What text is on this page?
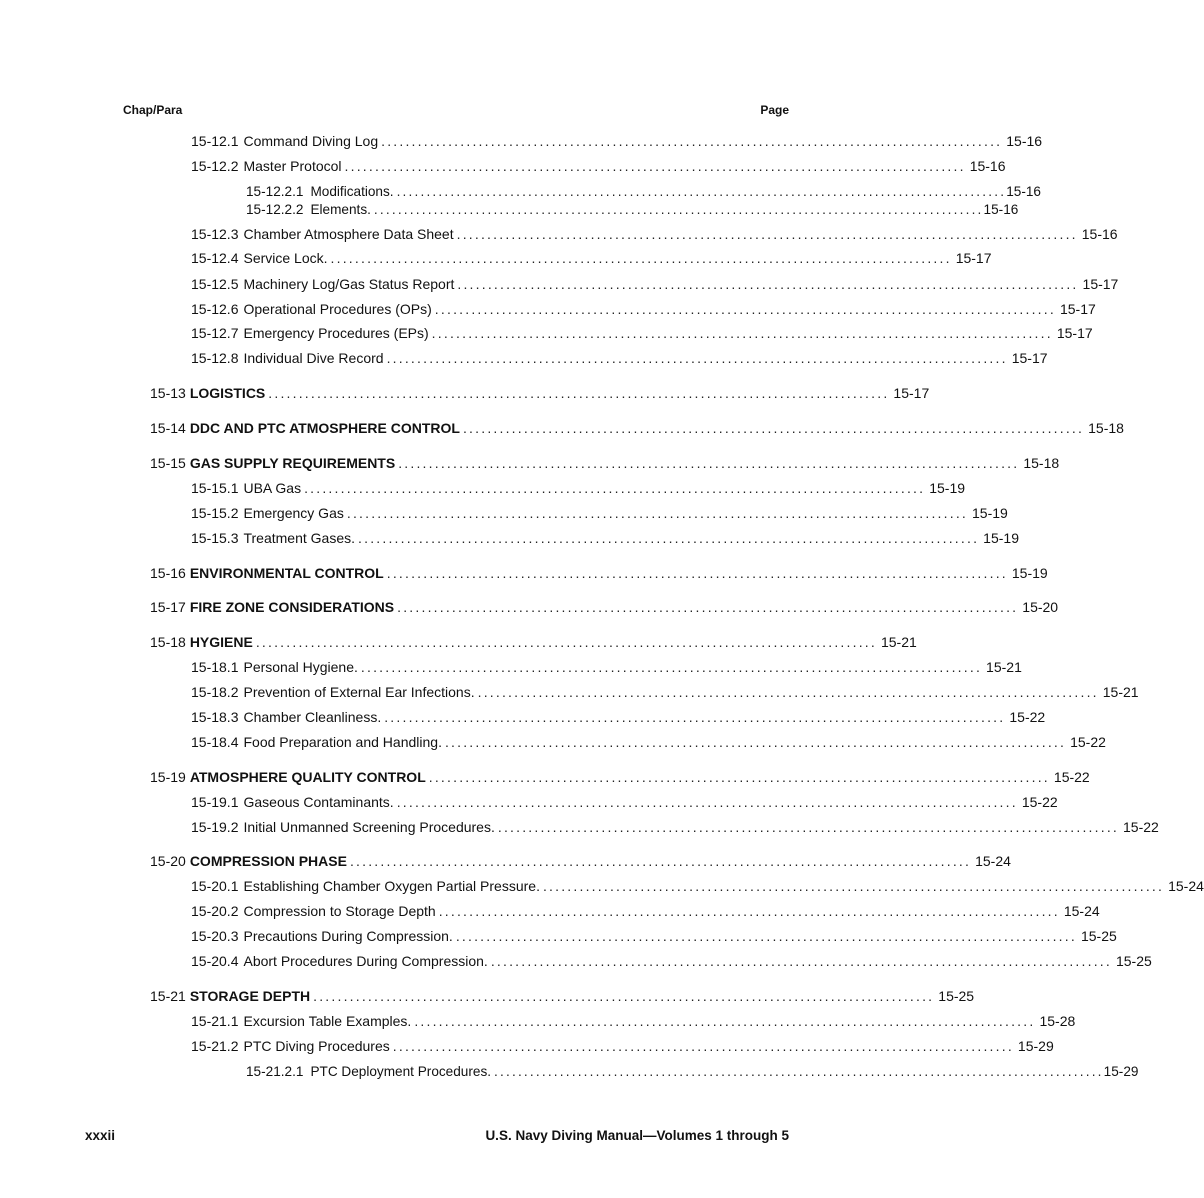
Chap/Para	Page
15-12.1 Command Diving Log ...................................................................................................... 15-16
15-12.2 Master Protocol ...................................................................................................... 15-16
15-12.2.1 Modifications. ...................................................................................................... 15-16
15-12.2.2 Elements. ...................................................................................................... 15-16
15-12.3 Chamber Atmosphere Data Sheet ...................................................................................................... 15-16
15-12.4 Service Lock. ...................................................................................................... 15-17
15-12.5 Machinery Log/Gas Status Report ...................................................................................................... 15-17
15-12.6 Operational Procedures (OPs) ...................................................................................................... 15-17
15-12.7 Emergency Procedures (EPs) ...................................................................................................... 15-17
15-12.8 Individual Dive Record ...................................................................................................... 15-17
15-13 LOGISTICS ...................................................................................................... 15-17
15-14 DDC AND PTC ATMOSPHERE CONTROL ...................................................................................................... 15-18
15-15 GAS SUPPLY REQUIREMENTS ...................................................................................................... 15-18
15-15.1 UBA Gas ...................................................................................................... 15-19
15-15.2 Emergency Gas ...................................................................................................... 15-19
15-15.3 Treatment Gases. ...................................................................................................... 15-19
15-16 ENVIRONMENTAL CONTROL ...................................................................................................... 15-19
15-17 FIRE ZONE CONSIDERATIONS ...................................................................................................... 15-20
15-18 HYGIENE ...................................................................................................... 15-21
15-18.1 Personal Hygiene. ...................................................................................................... 15-21
15-18.2 Prevention of External Ear Infections. ...................................................................................................... 15-21
15-18.3 Chamber Cleanliness. ...................................................................................................... 15-22
15-18.4 Food Preparation and Handling. ...................................................................................................... 15-22
15-19 ATMOSPHERE QUALITY CONTROL ...................................................................................................... 15-22
15-19.1 Gaseous Contaminants. ...................................................................................................... 15-22
15-19.2 Initial Unmanned Screening Procedures. ...................................................................................................... 15-22
15-20 COMPRESSION PHASE ...................................................................................................... 15-24
15-20.1 Establishing Chamber Oxygen Partial Pressure. ...................................................................................................... 15-24
15-20.2 Compression to Storage Depth ...................................................................................................... 15-24
15-20.3 Precautions During Compression. ...................................................................................................... 15-25
15-20.4 Abort Procedures During Compression. ...................................................................................................... 15-25
15-21 STORAGE DEPTH ...................................................................................................... 15-25
15-21.1 Excursion Table Examples. ...................................................................................................... 15-28
15-21.2 PTC Diving Procedures ...................................................................................................... 15-29
15-21.2.1 PTC Deployment Procedures. ...................................................................................................... 15-29
xxxii	U.S. Navy Diving Manual—Volumes 1 through 5
